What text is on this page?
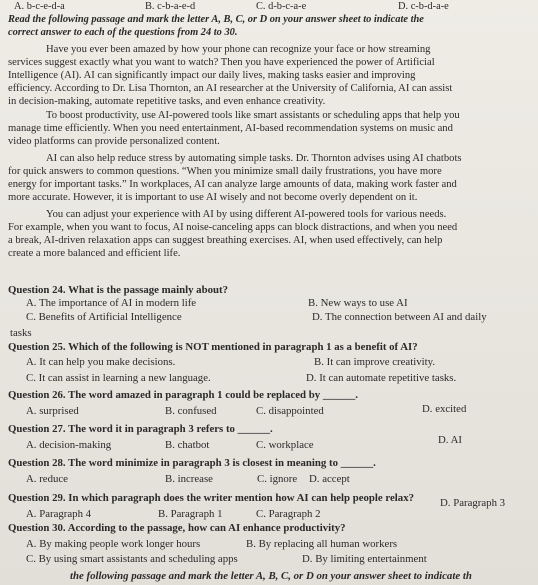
A. b-c-e-d-a	B. c-b-a-e-d	C. d-b-c-a-e	D. c-b-d-a-e
Read the following passage and mark the letter A, B, C, or D on your answer sheet to indicate the
correct answer to each of the questions from 24 to 30.
Have you ever been amazed by how your phone can recognize your face or how streaming
services suggest exactly what you want to watch? Then you have experienced the power of Artificial
Intelligence (AI). AI can significantly impact our daily lives, making tasks easier and improving
efficiency. According to Dr. Lisa Thornton, an AI researcher at the University of California, AI can assist
in decision-making, automate repetitive tasks, and even enhance creativity.
To boost productivity, use AI-powered tools like smart assistants or scheduling apps that help you
manage time efficiently. When you need entertainment, AI-based recommendation systems on music and
video platforms can provide personalized content.
AI can also help reduce stress by automating simple tasks. Dr. Thornton advises using AI chatbots
for quick answers to common questions. “When you minimize small daily frustrations, you have more
energy for important tasks.” In workplaces, AI can analyze large amounts of data, making work faster and
more accurate. However, it is important to use AI wisely and not become overly dependent on it.
You can adjust your experience with AI by using different AI-powered tools for various needs.
For example, when you want to focus, AI noise-canceling apps can block distractions, and when you need
a break, AI-driven relaxation apps can suggest breathing exercises. AI, when used effectively, can help
create a more balanced and efficient life.
Question 24. What is the passage mainly about?
A. The importance of AI in modern life	B. New ways to use AI
C. Benefits of Artificial Intelligence	D. The connection between AI and daily
tasks
Question 25. Which of the following is NOT mentioned in paragraph 1 as a benefit of AI?
A. It can help you make decisions.	B. It can improve creativity.
C. It can assist in learning a new language.	D. It can automate repetitive tasks.
Question 26. The word amazed in paragraph 1 could be replaced by ______.
A. surprised	B. confused	C. disappointed	D. excited
Question 27. The word it in paragraph 3 refers to ______.
A. decision-making	B. chatbot	C. workplace	D. AI
Question 28. The word minimize in paragraph 3 is closest in meaning to ______.
A. reduce	B. increase	C. ignore D. accept
Question 29. In which paragraph does the writer mention how AI can help people relax?
A. Paragraph 4	B. Paragraph 1	C. Paragraph 2
D. Paragraph 3
Question 30. According to the passage, how can AI enhance productivity?
A. By making people work longer hours	B. By replacing all human workers
C. By using smart assistants and scheduling apps	D. By limiting entertainment
the following passage and mark the letter A, B, C, or D on your answer sheet to indicate th
